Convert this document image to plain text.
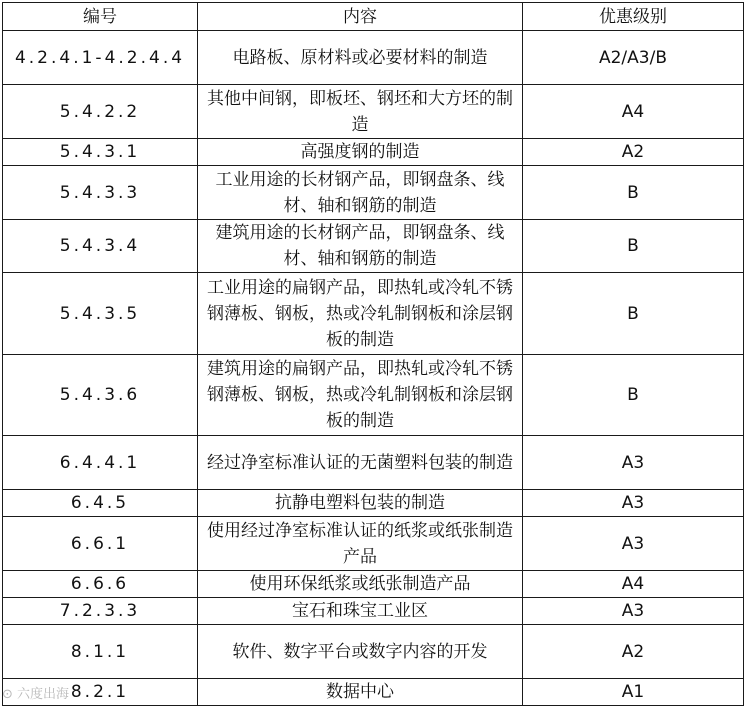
编号	内容	优惠级别
4.2.4.1-4.2.4.4	电路板、原材料或必要材料的制造	A2/A3/B
5.4.2.2	其他中间钢，即板坯、钢坯和大方坯的制造	A4
5.4.3.1	高强度钢的制造	A2
5.4.3.3	工业用途的长材钢产品，即钢盘条、线材、轴和钢筋的制造	B
5.4.3.4	建筑用途的长材钢产品，即钢盘条、线材、轴和钢筋的制造	B
5.4.3.5	工业用途的扁钢产品，即热轧或冷轧不锈钢薄板、钢板，热或冷轧制钢板和涂层钢板的制造	B
5.4.3.6	建筑用途的扁钢产品，即热轧或冷轧不锈钢薄板、钢板，热或冷轧制钢板和涂层钢板的制造	B
6.4.4.1	经过净室标准认证的无菌塑料包装的制造	A3
6.4.5	抗静电塑料包装的制造	A3
6.6.1	使用经过净室标准认证的纸浆或纸张制造产品	A3
6.6.6	使用环保纸浆或纸张制造产品	A4
7.2.3.3	宝石和珠宝工业区	A3
8.1.1	软件、数字平台或数字内容的开发	A2
8.2.1	数据中心	A1
⊙ 六度出海
